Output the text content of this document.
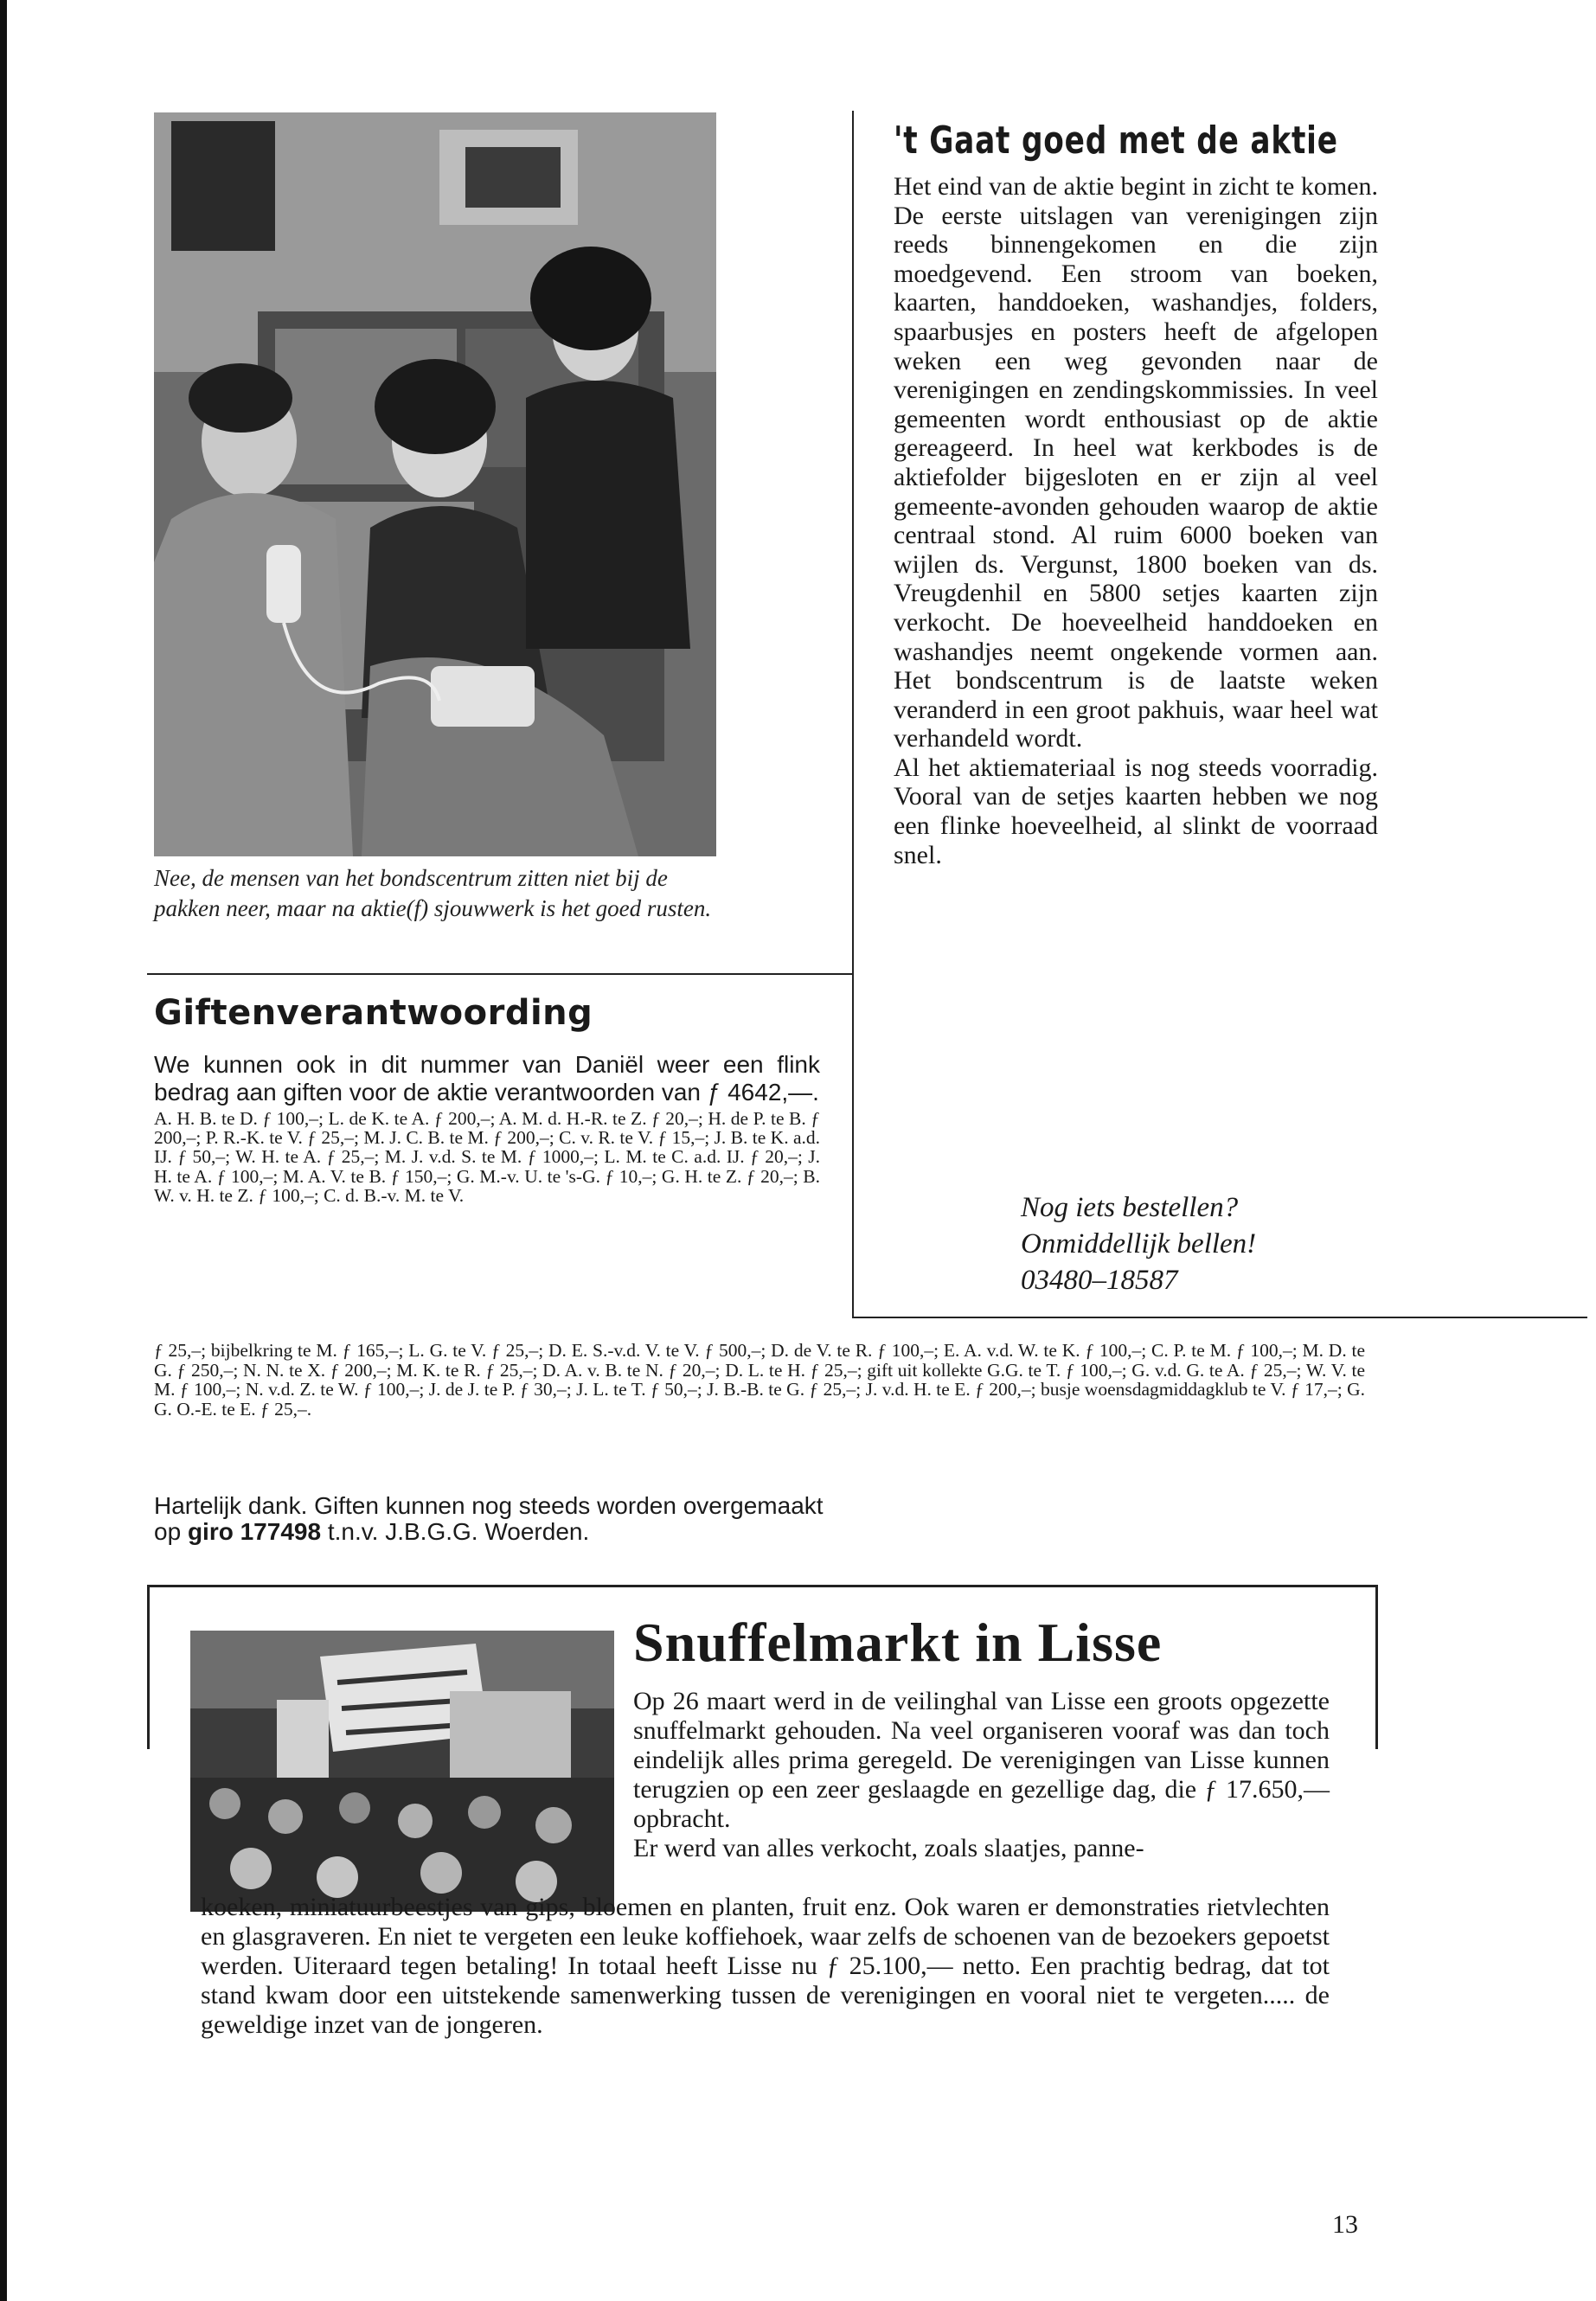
Nee, de mensen van het bondscentrum zitten niet bij de pakken neer, maar na aktie(f) sjouwwerk is het goed rusten.
't Gaat goed met de aktie

Het eind van de aktie begint in zicht te komen. De eerste uitslagen van verenigingen zijn reeds binnengekomen en die zijn moedgevend. Een stroom van boeken, kaarten, handdoeken, washandjes, folders, spaarbusjes en posters heeft de afgelopen weken een weg gevonden naar de verenigingen en zendingskommissies. In veel gemeenten wordt enthousiast op de aktie gereageerd. In heel wat kerkbodes is de aktiefolder bijgesloten en er zijn al veel gemeente-avonden gehouden waarop de aktie centraal stond. Al ruim 6000 boeken van wijlen ds. Vergunst, 1800 boeken van ds. Vreugdenhil en 5800 setjes kaarten zijn verkocht. De hoeveelheid handdoeken en washandjes neemt ongekende vormen aan. Het bondscentrum is de laatste weken veranderd in een groot pakhuis, waar heel wat verhandeld wordt.

Al het aktiemateriaal is nog steeds voorradig. Vooral van de setjes kaarten hebben we nog een flinke hoeveelheid, al slinkt de voorraad snel.

Nog iets bestellen?
Onmiddellijk bellen!
03480–18587
Giftenverantwoording
We kunnen ook in dit nummer van Daniël weer een flink bedrag aan giften voor de aktie verantwoorden van ƒ 4642,—.
A. H. B. te D. ƒ 100,–; L. de K. te A. ƒ 200,–; A. M. d. H.-R. te Z. ƒ 20,–; H. de P. te B. ƒ 200,–; P. R.-K. te V. ƒ 25,–; M. J. C. B. te M. ƒ 200,–; C. v. R. te V. ƒ 15,–; J. B. te K. a.d. IJ. ƒ 50,–; W. H. te A. ƒ 25,–; M. J. v.d. S. te M. ƒ 1000,–; L. M. te C. a.d. IJ. ƒ 20,–; J. H. te A. ƒ 100,–; M. A. V. te B. ƒ 150,–; G. M.-v. U. te 's-G. ƒ 10,–; G. H. te Z. ƒ 20,–; B. W. v. H. te Z. ƒ 100,–; C. d. B.-v. M. te V.
ƒ 25,–; bijbelkring te M. ƒ 165,–; L. G. te V. ƒ 25,–; D. E. S.-v.d. V. te V. ƒ 500,–; D. de V. te R. ƒ 100,–; E. A. v.d. W. te K. ƒ 100,–; C. P. te M. ƒ 100,–; M. D. te G. ƒ 250,–; N. N. te X. ƒ 200,–; M. K. te R. ƒ 25,–; D. A. v. B. te N. ƒ 20,–; D. L. te H. ƒ 25,–; gift uit kollekte G.G. te T. ƒ 100,–; G. v.d. G. te A. ƒ 25,–; W. V. te M. ƒ 100,–; N. v.d. Z. te W. ƒ 100,–; J. de J. te P. ƒ 30,–; J. L. te T. ƒ 50,–; J. B.-B. te G. ƒ 25,–; J. v.d. H. te E. ƒ 200,–; busje woensdagmiddagklub te V. ƒ 17,–; G. G. O.-E. te E. ƒ 25,–.
Hartelijk dank. Giften kunnen nog steeds worden overgemaakt
op giro 177498 t.n.v. J.B.G.G. Woerden.
Snuffelmarkt in Lisse
Op 26 maart werd in de veilinghal van Lisse een groots opgezette snuffelmarkt gehouden. Na veel organiseren vooraf was dan toch eindelijk alles prima geregeld. De verenigingen van Lisse kunnen terugzien op een zeer geslaagde en gezellige dag, die ƒ 17.650,— opbracht.
Er werd van alles verkocht, zoals slaatjes, panne-
koeken, miniatuurbeestjes van gips, bloemen en planten, fruit enz. Ook waren er demonstraties rietvlechten en glasgraveren. En niet te vergeten een leuke koffiehoek, waar zelfs de schoenen van de bezoekers gepoetst werden. Uiteraard tegen betaling! In totaal heeft Lisse nu ƒ 25.100,— netto. Een prachtig bedrag, dat tot stand kwam door een uitstekende samenwerking tussen de verenigingen en vooral niet te vergeten..... de geweldige inzet van de jongeren.
13
